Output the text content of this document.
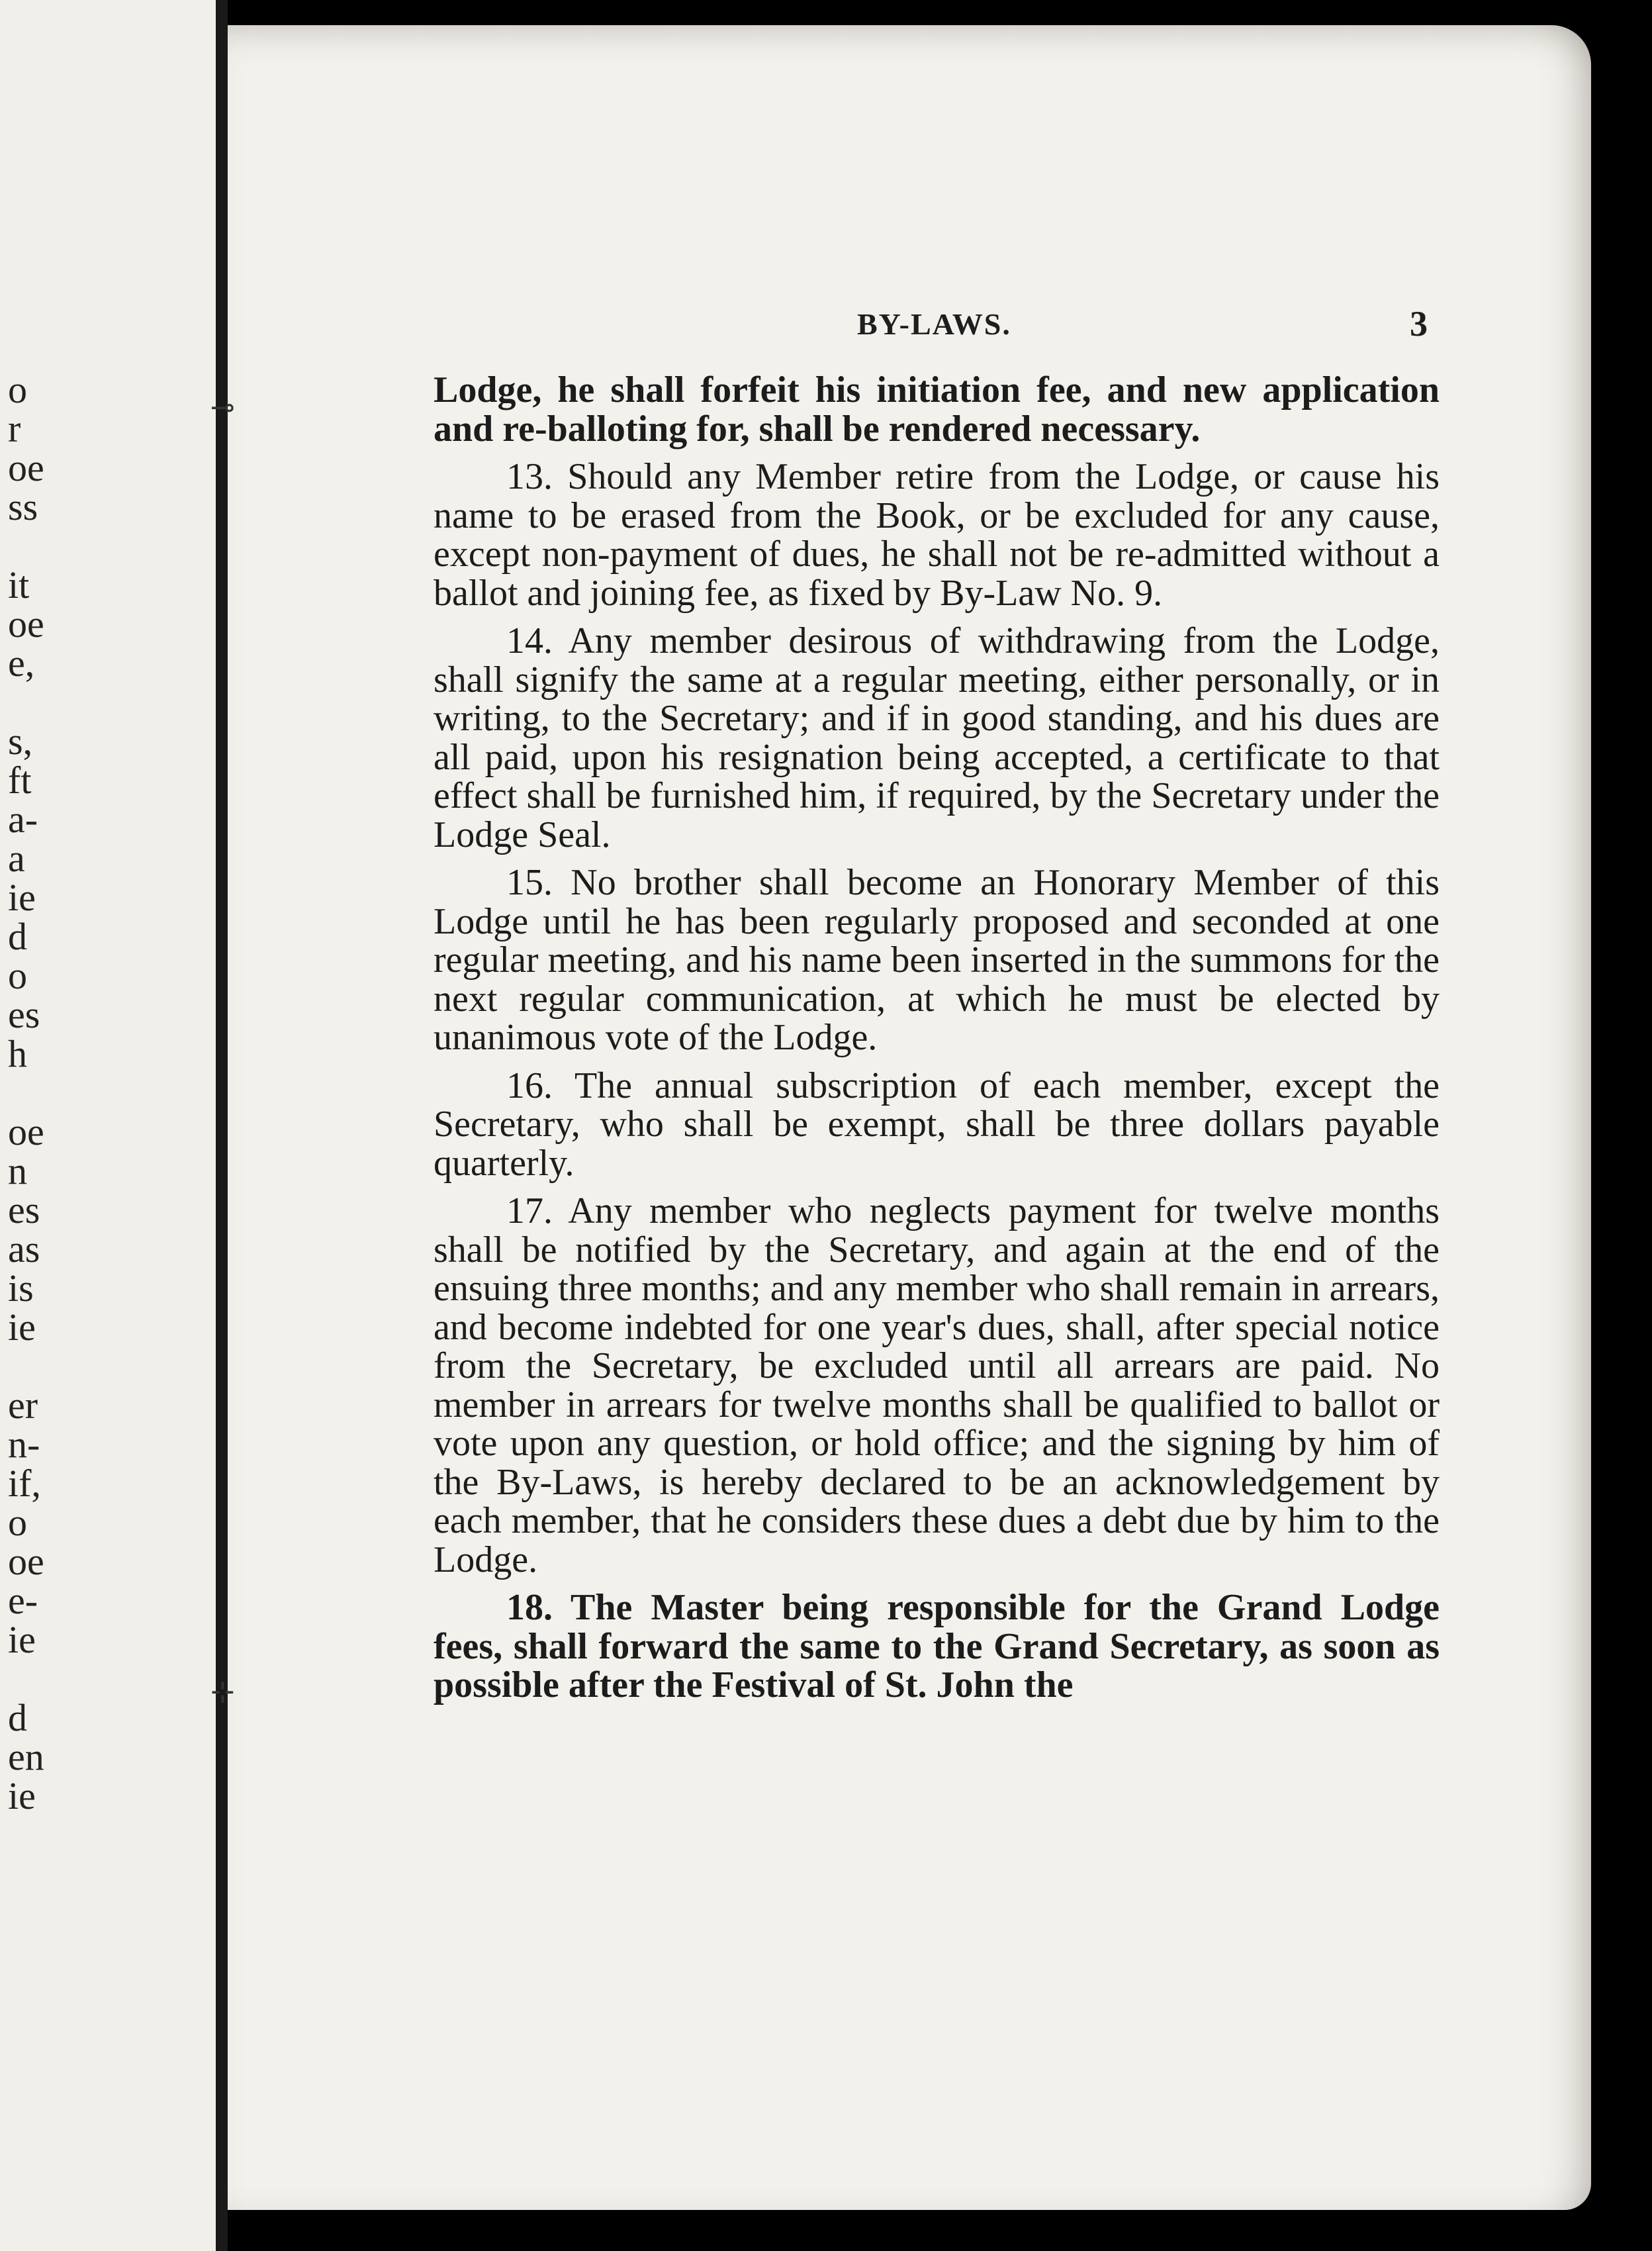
o
r
oe
ss
it
oe
e,
s,
ft
a-
a
ie
d
o
es
h
oe
n
es
as
is
ie
er
n-
if,
o
oe
e-
ie
d
en
ie
BY-LAWS.	3
⊸
⊹

Lodge, he shall forfeit his initiation fee, and new application and re-balloting for, shall be rendered necessary.

13. Should any Member retire from the Lodge, or cause his name to be erased from the Book, or be excluded for any cause, except non-payment of dues, he shall not be re-admitted without a ballot and joining fee, as fixed by By-Law No. 9.

14. Any member desirous of withdrawing from the Lodge, shall signify the same at a regular meeting, either personally, or in writing, to the Secretary; and if in good standing, and his dues are all paid, upon his resignation being accepted, a certificate to that effect shall be furnished him, if required, by the Secretary under the Lodge Seal.

15. No brother shall become an Honorary Member of this Lodge until he has been regularly proposed and seconded at one regular meeting, and his name been inserted in the summons for the next regular communication, at which he must be elected by unanimous vote of the Lodge.

16. The annual subscription of each member, except the Secretary, who shall be exempt, shall be three dollars payable quarterly.

17. Any member who neglects payment for twelve months shall be notified by the Secretary, and again at the end of the ensuing three months; and any member who shall remain in arrears, and become indebted for one year's dues, shall, after special notice from the Secretary, be excluded until all arrears are paid. No member in arrears for twelve months shall be qualified to ballot or vote upon any question, or hold office; and the signing by him of the By-Laws, is hereby declared to be an acknowledgement by each member, that he considers these dues a debt due by him to the Lodge.

18. The Master being responsible for the Grand Lodge fees, shall forward the same to the Grand Secretary, as soon as possible after the Festival of St. John the
